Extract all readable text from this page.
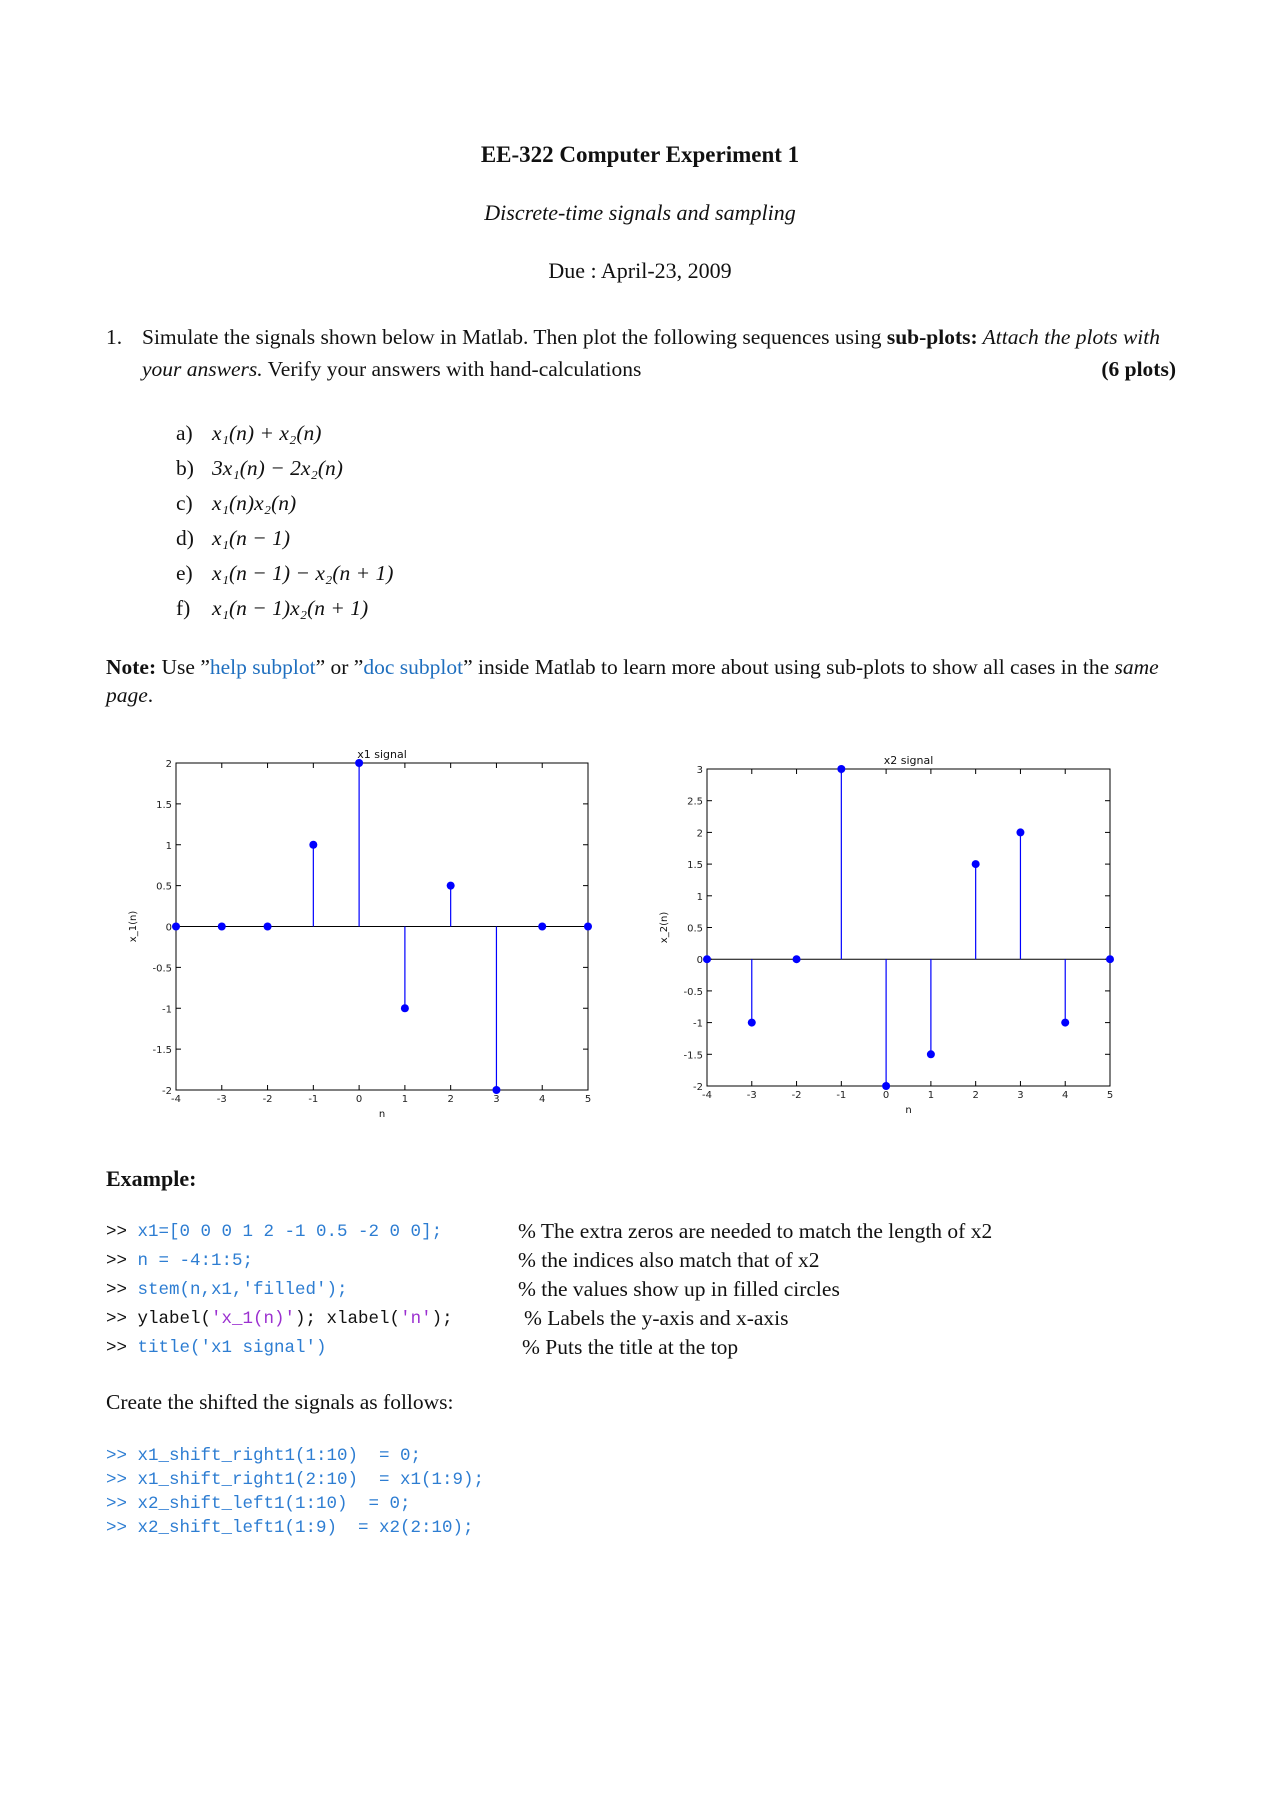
EE-322 Computer Experiment 1
Discrete-time signals and sampling
Due : April-23, 2009
1. Simulate the signals shown below in Matlab. Then plot the following sequences using sub-plots: Attach the plots with your answers. Verify your answers with hand-calculations	(6 plots)
a) x₁(n) + x₂(n)
b) 3x₁(n) − 2x₂(n)
c) x₁(n)x₂(n)
d) x₁(n − 1)
e) x₁(n − 1) − x₂(n + 1)
f) x₁(n − 1)x₂(n + 1)
Note: Use ”help subplot” or ”doc subplot” inside Matlab to learn more about using sub-plots to show all cases in the same page.
-4	-3	-2	-1	0	1	2	3	4	5
-2
-1.5
-1
-0.5
0
0.5
1
1.5
2
x1 signal
n
x_1(n)
-4	-3	-2	-1	0	1	2	3	4	5
-2
-1.5
-1
-0.5
0
0.5
1
1.5
2
2.5
3
x2 signal
n
x_2(n)
Example:
>> x1=[0 0 0 1 2 -1 0.5 -2 0 0];
>> n = -4:1:5;
>> stem(n,x1,'filled');
>> ylabel('x_1(n)'); xlabel('n');
>> title('x1 signal')
% The extra zeros are needed to match the length of x2
% the indices also match that of x2
% the values show up in filled circles
% Labels the y-axis and x-axis
% Puts the title at the top
Create the shifted the signals as follows:
>> x1_shift_right1(1:10)  = 0;
>> x1_shift_right1(2:10)  = x1(1:9);
>> x2_shift_left1(1:10)  = 0;
>> x2_shift_left1(1:9)  = x2(2:10);
